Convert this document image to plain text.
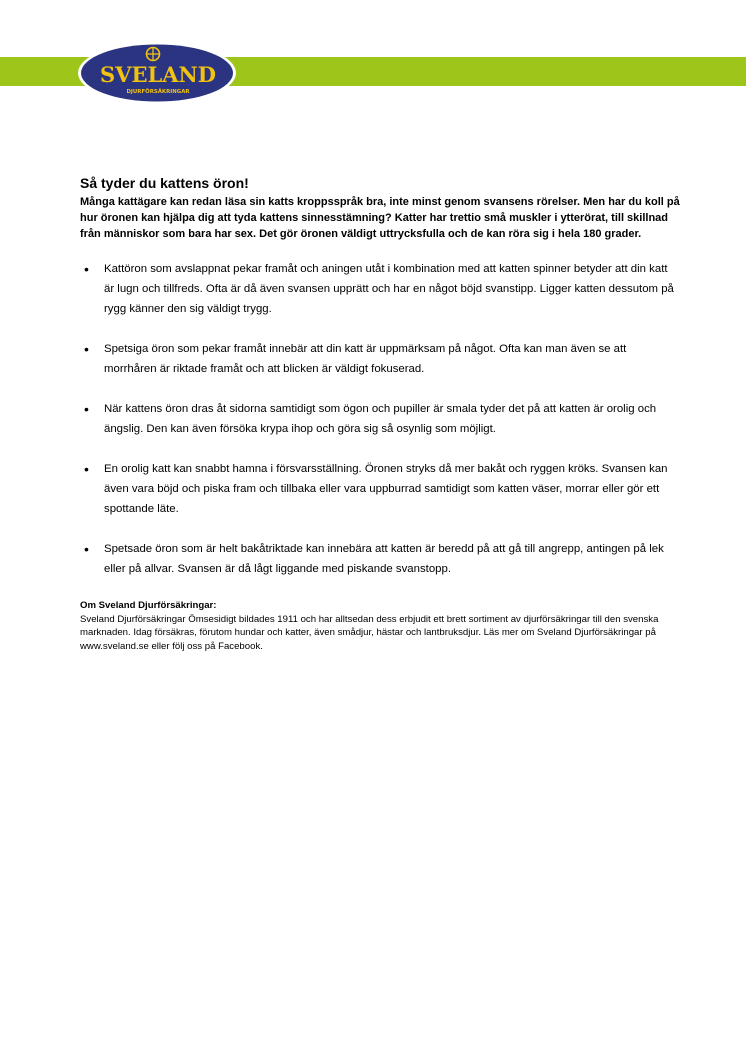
SVELAND
DJURFÖRSÄKRINGAR
Så tyder du kattens öron!

Många kattägare kan redan läsa sin katts kroppsspråk bra, inte minst genom svansens rörelser. Men har du koll på hur öronen kan hjälpa dig att tyda kattens sinnesstämning? Katter har trettio små muskler i ytterörat, till skillnad från människor som bara har sex. Det gör öronen väldigt uttrycksfulla och de kan röra sig i hela 180 grader.

• Kattöron som avslappnat pekar framåt och aningen utåt i kombination med att katten spinner betyder att din katt är lugn och tillfreds. Ofta är då även svansen upprätt och har en något böjd svanstipp. Ligger katten dessutom på rygg känner den sig väldigt trygg.
• Spetsiga öron som pekar framåt innebär att din katt är uppmärksam på något. Ofta kan man även se att morrhåren är riktade framåt och att blicken är väldigt fokuserad.
• När kattens öron dras åt sidorna samtidigt som ögon och pupiller är smala tyder det på att katten är orolig och ängslig. Den kan även försöka krypa ihop och göra sig så osynlig som möjligt.
• En orolig katt kan snabbt hamna i försvarsställning. Öronen stryks då mer bakåt och ryggen kröks. Svansen kan även vara böjd och piska fram och tillbaka eller vara uppburrad samtidigt som katten väser, morrar eller gör ett spottande läte.
• Spetsade öron som är helt bakåtriktade kan innebära att katten är beredd på att gå till angrepp, antingen på lek eller på allvar. Svansen är då lågt liggande med piskande svanstopp.
Om Sveland Djurförsäkringar:
Sveland Djurförsäkringar Ömsesidigt bildades 1911 och har alltsedan dess erbjudit ett brett sortiment av djurförsäkringar till den svenska marknaden. Idag försäkras, förutom hundar och katter, även smådjur, hästar och lantbruksdjur. Läs mer om Sveland Djurförsäkringar på www.sveland.se eller följ oss på Facebook.
